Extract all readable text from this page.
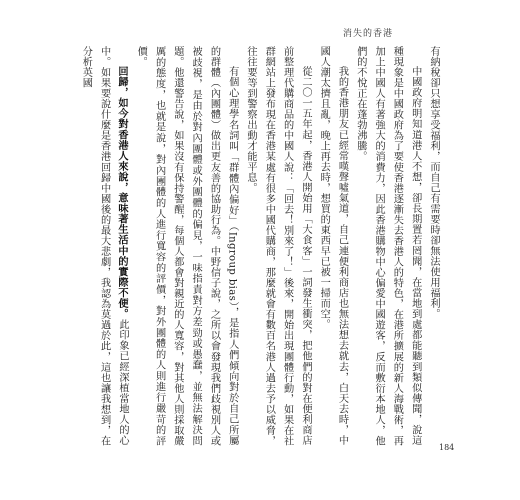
消失的香港

有納稅卻只想享受福利，而自己有需要時卻無法使用福利。

中國政府明知道港人不想，卻長期置若罔聞，在當地到處都能聽到類似傳聞，說這種現象是中國政府為了要使香港逐漸失去香港人的特色，在港所擴展的新人海戰術，再加上中國人有著強大的消費力，因此香港購物中心偏愛中國遊客，反而敷衍本地人，他們的不悅正在蓬勃沸騰。

我的香港朋友已經常嘆聲噓氣道，自己連便利商店也無法想去就去，白天去時，中國人潮太擠且亂，晚上再去時，想買的東西早已被一掃而空。

從二〇一五年起，香港人開始用「大食客」一詞發生衝突，把他們的對在便利商店前整理代購商品的中國人說：「回去！別來了！」後來，開始出現團體行動，如果在社群網站上發布現在香港某處有很多中國代購商，那麼就會有數百名港人過去予以威脅，往往要等到警察出動才能平息。

有個心理學名詞叫「群體內偏好」（Ingroup bias），是指人們傾向對於自己所屬的群體（內團體）做出更友善的協助行為。中野信子說，之所以會發現我們歧視別人或被歧視，是由於對內團體或外團體的偏見，一味指責對方差勁或愚蠢，並無法解決問題。他還警告說，如果沒有保持警醒，每個人都會對親近的人寬容，對其他人則採取嚴厲的態度，也就是說，對內團體的人進行寬容的評價，對外團體的人則進行嚴苛的評價。

回歸，如今對香港人來說，意味著生活中的實際不便。此印象已經深植當地人的心中。如果要說什麼是香港回歸中國後的最大悲劇，我認為莫過於此，這也讓我想到，在分析英國

184
